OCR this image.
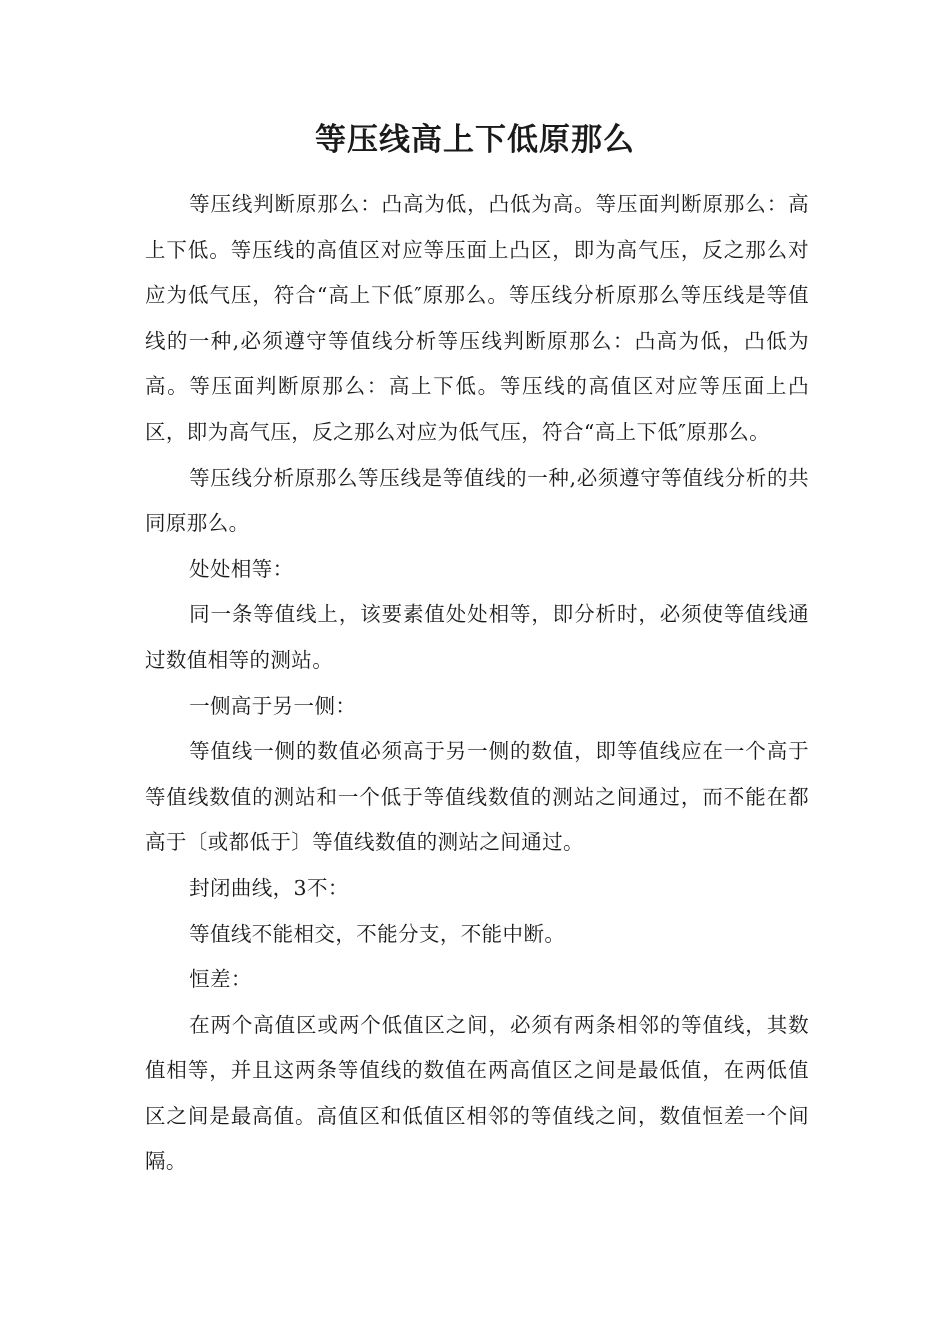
等压线高上下低原那么

等压线判断原那么：凸高为低，凸低为高。等压面判断原那么：高上下低。等压线的高值区对应等压面上凸区，即为高气压，反之那么对应为低气压，符合“高上下低″原那么。等压线分析原那么等压线是等值线的一种,必须遵守等值线分析等压线判断原那么：凸高为低，凸低为高。等压面判断原那么：高上下低。等压线的高值区对应等压面上凸区，即为高气压，反之那么对应为低气压，符合“高上下低″原那么。

等压线分析原那么等压线是等值线的一种,必须遵守等值线分析的共同原那么。

处处相等：

同一条等值线上，该要素值处处相等，即分析时，必须使等值线通过数值相等的测站。

一侧高于另一侧：

等值线一侧的数值必须高于另一侧的数值，即等值线应在一个高于等值线数值的测站和一个低于等值线数值的测站之间通过，而不能在都高于〔或都低于〕等值线数值的测站之间通过。

封闭曲线，3不：

等值线不能相交，不能分支，不能中断。

恒差：

在两个高值区或两个低值区之间，必须有两条相邻的等值线，其数值相等，并且这两条等值线的数值在两高值区之间是最低值，在两低值区之间是最高值。高值区和低值区相邻的等值线之间，数值恒差一个间隔。
